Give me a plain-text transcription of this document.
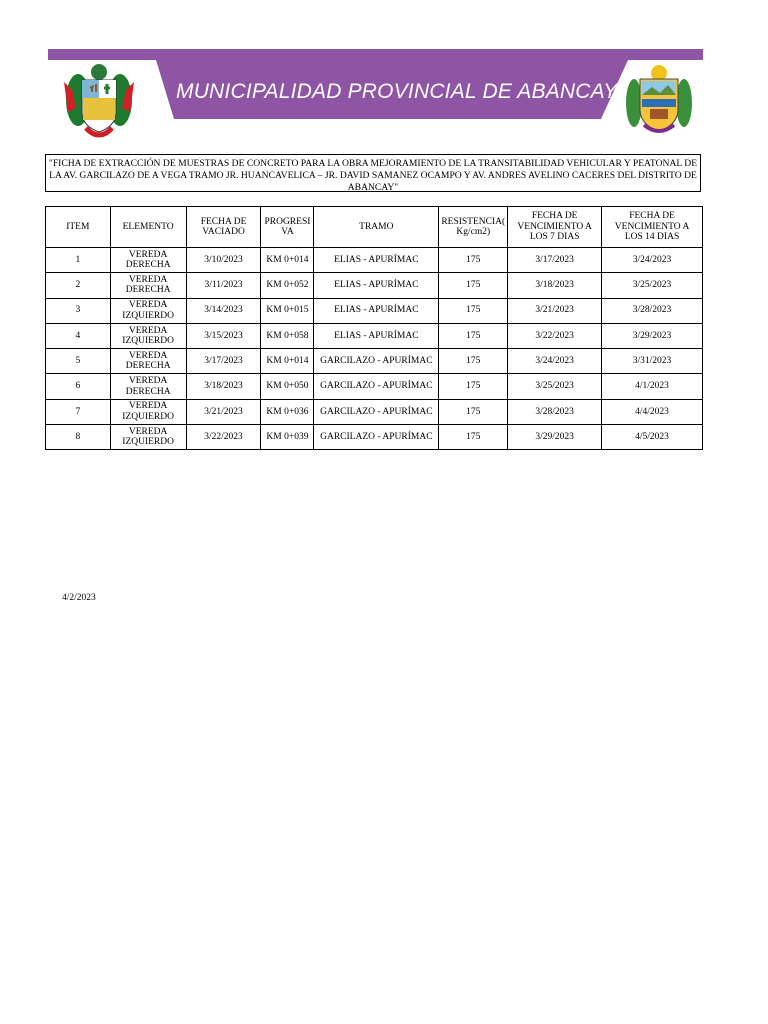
MUNICIPALIDAD PROVINCIAL DE ABANCAY
"FICHA DE EXTRACCIÓN DE MUESTRAS DE CONCRETO PARA LA OBRA MEJORAMIENTO DE LA TRANSITABILIDAD VEHICULAR Y PEATONAL DE LA AV. GARCILAZO DE A VEGA TRAMO JR. HUANCAVELICA – JR. DAVID SAMANEZ OCAMPO Y AV. ANDRES AVELINO CACERES DEL DISTRITO DE ABANCAY"
ITEM	ELEMENTO	FECHA DE VACIADO	PROGRESIVA	TRAMO	RESISTENCIA( Kg/cm2)	FECHA DE VENCIMIENTO A LOS 7 DIAS	FECHA DE VENCIMIENTO A LOS 14 DIAS
1	VEREDA DERECHA	3/10/2023	KM 0+014	ELIAS - APURÍMAC	175	3/17/2023	3/24/2023
2	VEREDA DERECHA	3/11/2023	KM 0+052	ELIAS - APURÍMAC	175	3/18/2023	3/25/2023
3	VEREDA IZQUIERDO	3/14/2023	KM 0+015	ELIAS - APURÍMAC	175	3/21/2023	3/28/2023
4	VEREDA IZQUIERDO	3/15/2023	KM 0+058	ELIAS - APURÍMAC	175	3/22/2023	3/29/2023
5	VEREDA DERECHA	3/17/2023	KM 0+014	GARCILAZO - APURÍMAC	175	3/24/2023	3/31/2023
6	VEREDA DERECHA	3/18/2023	KM 0+050	GARCILAZO - APURÍMAC	175	3/25/2023	4/1/2023
7	VEREDA IZQUIERDO	3/21/2023	KM 0+036	GARCILAZO - APURÍMAC	175	3/28/2023	4/4/2023
8	VEREDA IZQUIERDO	3/22/2023	KM 0+039	GARCILAZO - APURÍMAC	175	3/29/2023	4/5/2023
4/2/2023
